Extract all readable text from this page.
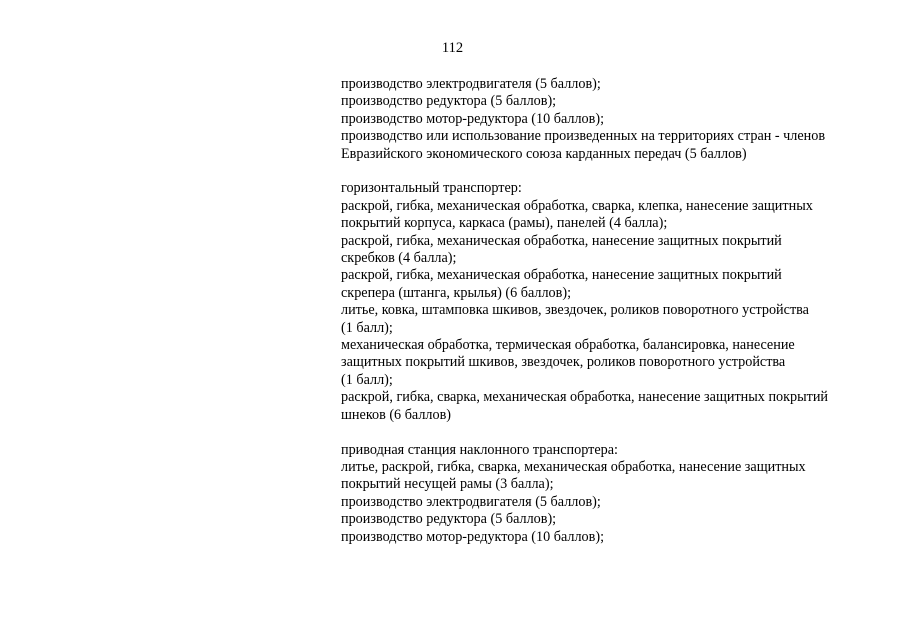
112
производство электродвигателя (5 баллов);
производство редуктора (5 баллов);
производство мотор-редуктора (10 баллов);
производство или использование произведенных на территориях стран - членов
Евразийского экономического союза карданных передач (5 баллов)
горизонтальный транспортер:
раскрой, гибка, механическая обработка, сварка, клепка, нанесение защитных
покрытий корпуса, каркаса (рамы), панелей (4 балла);
раскрой, гибка, механическая обработка, нанесение защитных покрытий
скребков (4 балла);
раскрой, гибка, механическая обработка, нанесение защитных покрытий
скрепера (штанга, крылья) (6 баллов);
литье, ковка, штамповка шкивов, звездочек, роликов поворотного устройства
(1 балл);
механическая обработка, термическая обработка, балансировка, нанесение
защитных покрытий шкивов, звездочек, роликов поворотного устройства
(1 балл);
раскрой, гибка, сварка, механическая обработка, нанесение защитных покрытий
шнеков (6 баллов)
приводная станция наклонного транспортера:
литье, раскрой, гибка, сварка, механическая обработка, нанесение защитных
покрытий несущей рамы (3 балла);
производство электродвигателя (5 баллов);
производство редуктора (5 баллов);
производство мотор-редуктора (10 баллов);
